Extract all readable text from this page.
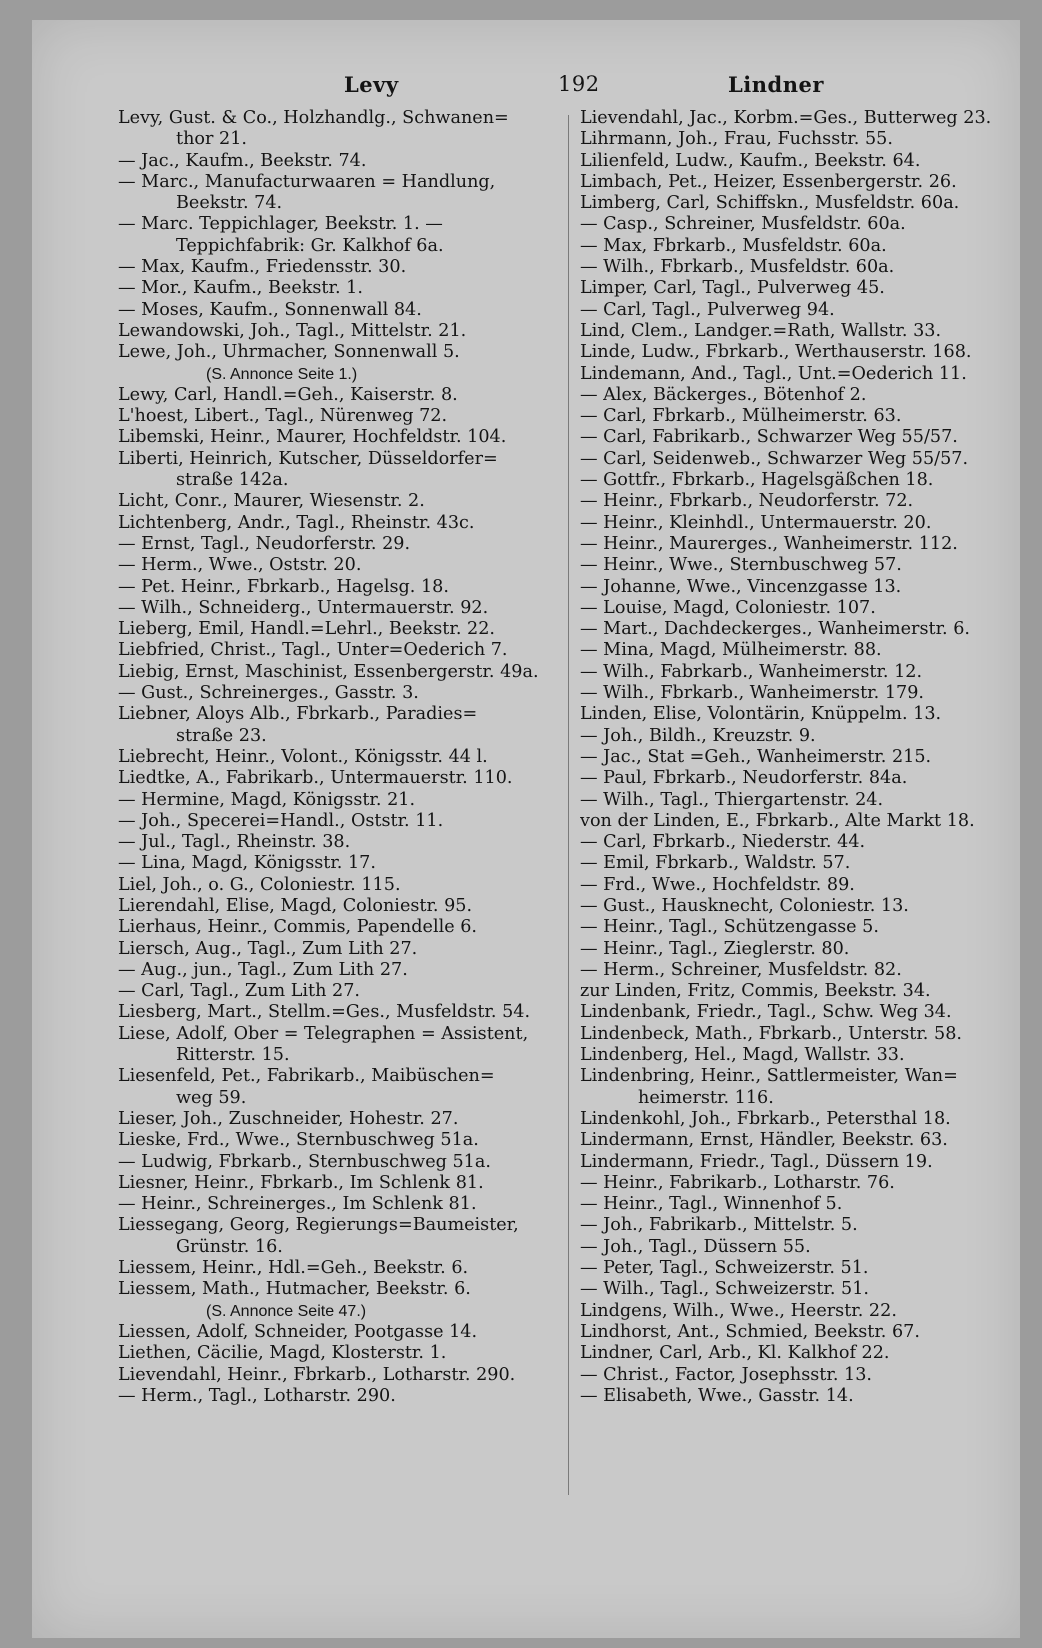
Levy	192	Lindner
Levy, Gust. & Co., Holzhandlg., Schwanen=
thor 21.
— Jac., Kaufm., Beekstr. 74.
— Marc., Manufacturwaaren = Handlung,
Beekstr. 74.
— Marc. Teppichlager, Beekstr. 1. —
Teppichfabrik: Gr. Kalkhof 6a.
— Max, Kaufm., Friedensstr. 30.
— Mor., Kaufm., Beekstr. 1.
— Moses, Kaufm., Sonnenwall 84.
Lewandowski, Joh., Tagl., Mittelstr. 21.
Lewe, Joh., Uhrmacher, Sonnenwall 5.
(S. Annonce Seite 1.)
Lewy, Carl, Handl.=Geh., Kaiserstr. 8.
L'hoest, Libert., Tagl., Nürenweg 72.
Libemski, Heinr., Maurer, Hochfeldstr. 104.
Liberti, Heinrich, Kutscher, Düsseldorfer=
straße 142a.
Licht, Conr., Maurer, Wiesenstr. 2.
Lichtenberg, Andr., Tagl., Rheinstr. 43c.
— Ernst, Tagl., Neudorferstr. 29.
— Herm., Wwe., Oststr. 20.
— Pet. Heinr., Fbrkarb., Hagelsg. 18.
— Wilh., Schneiderg., Untermauerstr. 92.
Lieberg, Emil, Handl.=Lehrl., Beekstr. 22.
Liebfried, Christ., Tagl., Unter=Oederich 7.
Liebig, Ernst, Maschinist, Essenbergerstr. 49a.
— Gust., Schreinerges., Gasstr. 3.
Liebner, Aloys Alb., Fbrkarb., Paradies=
straße 23.
Liebrecht, Heinr., Volont., Königsstr. 44 l.
Liedtke, A., Fabrikarb., Untermauerstr. 110.
— Hermine, Magd, Königsstr. 21.
— Joh., Specerei=Handl., Oststr. 11.
— Jul., Tagl., Rheinstr. 38.
— Lina, Magd, Königsstr. 17.
Liel, Joh., o. G., Coloniestr. 115.
Lierendahl, Elise, Magd, Coloniestr. 95.
Lierhaus, Heinr., Commis, Papendelle 6.
Liersch, Aug., Tagl., Zum Lith 27.
— Aug., jun., Tagl., Zum Lith 27.
— Carl, Tagl., Zum Lith 27.
Liesberg, Mart., Stellm.=Ges., Musfeldstr. 54.
Liese, Adolf, Ober = Telegraphen = Assistent,
Ritterstr. 15.
Liesenfeld, Pet., Fabrikarb., Maibüschen=
weg 59.
Lieser, Joh., Zuschneider, Hohestr. 27.
Lieske, Frd., Wwe., Sternbuschweg 51a.
— Ludwig, Fbrkarb., Sternbuschweg 51a.
Liesner, Heinr., Fbrkarb., Im Schlenk 81.
— Heinr., Schreinerges., Im Schlenk 81.
Liessegang, Georg, Regierungs=Baumeister,
Grünstr. 16.
Liessem, Heinr., Hdl.=Geh., Beekstr. 6.
Liessem, Math., Hutmacher, Beekstr. 6.
(S. Annonce Seite 47.)
Liessen, Adolf, Schneider, Pootgasse 14.
Liethen, Cäcilie, Magd, Klosterstr. 1.
Lievendahl, Heinr., Fbrkarb., Lotharstr. 290.
— Herm., Tagl., Lotharstr. 290.
Lievendahl, Jac., Korbm.=Ges., Butterweg 23.
Lihrmann, Joh., Frau, Fuchsstr. 55.
Lilienfeld, Ludw., Kaufm., Beekstr. 64.
Limbach, Pet., Heizer, Essenbergerstr. 26.
Limberg, Carl, Schiffskn., Musfeldstr. 60a.
— Casp., Schreiner, Musfeldstr. 60a.
— Max, Fbrkarb., Musfeldstr. 60a.
— Wilh., Fbrkarb., Musfeldstr. 60a.
Limper, Carl, Tagl., Pulverweg 45.
— Carl, Tagl., Pulverweg 94.
Lind, Clem., Landger.=Rath, Wallstr. 33.
Linde, Ludw., Fbrkarb., Werthauserstr. 168.
Lindemann, And., Tagl., Unt.=Oederich 11.
— Alex, Bäckerges., Bötenhof 2.
— Carl, Fbrkarb., Mülheimerstr. 63.
— Carl, Fabrikarb., Schwarzer Weg 55/57.
— Carl, Seidenweb., Schwarzer Weg 55/57.
— Gottfr., Fbrkarb., Hagelsgäßchen 18.
— Heinr., Fbrkarb., Neudorferstr. 72.
— Heinr., Kleinhdl., Untermauerstr. 20.
— Heinr., Maurerges., Wanheimerstr. 112.
— Heinr., Wwe., Sternbuschweg 57.
— Johanne, Wwe., Vincenzgasse 13.
— Louise, Magd, Coloniestr. 107.
— Mart., Dachdeckerges., Wanheimerstr. 6.
— Mina, Magd, Mülheimerstr. 88.
— Wilh., Fabrkarb., Wanheimerstr. 12.
— Wilh., Fbrkarb., Wanheimerstr. 179.
Linden, Elise, Volontärin, Knüppelm. 13.
— Joh., Bildh., Kreuzstr. 9.
— Jac., Stat =Geh., Wanheimerstr. 215.
— Paul, Fbrkarb., Neudorferstr. 84a.
— Wilh., Tagl., Thiergartenstr. 24.
von der Linden, E., Fbrkarb., Alte Markt 18.
— Carl, Fbrkarb., Niederstr. 44.
— Emil, Fbrkarb., Waldstr. 57.
— Frd., Wwe., Hochfeldstr. 89.
— Gust., Hausknecht, Coloniestr. 13.
— Heinr., Tagl., Schützengasse 5.
— Heinr., Tagl., Zieglerstr. 80.
— Herm., Schreiner, Musfeldstr. 82.
zur Linden, Fritz, Commis, Beekstr. 34.
Lindenbank, Friedr., Tagl., Schw. Weg 34.
Lindenbeck, Math., Fbrkarb., Unterstr. 58.
Lindenberg, Hel., Magd, Wallstr. 33.
Lindenbring, Heinr., Sattlermeister, Wan=
heimerstr. 116.
Lindenkohl, Joh., Fbrkarb., Petersthal 18.
Lindermann, Ernst, Händler, Beekstr. 63.
Lindermann, Friedr., Tagl., Düssern 19.
— Heinr., Fabrikarb., Lotharstr. 76.
— Heinr., Tagl., Winnenhof 5.
— Joh., Fabrikarb., Mittelstr. 5.
— Joh., Tagl., Düssern 55.
— Peter, Tagl., Schweizerstr. 51.
— Wilh., Tagl., Schweizerstr. 51.
Lindgens, Wilh., Wwe., Heerstr. 22.
Lindhorst, Ant., Schmied, Beekstr. 67.
Lindner, Carl, Arb., Kl. Kalkhof 22.
— Christ., Factor, Josephsstr. 13.
— Elisabeth, Wwe., Gasstr. 14.
